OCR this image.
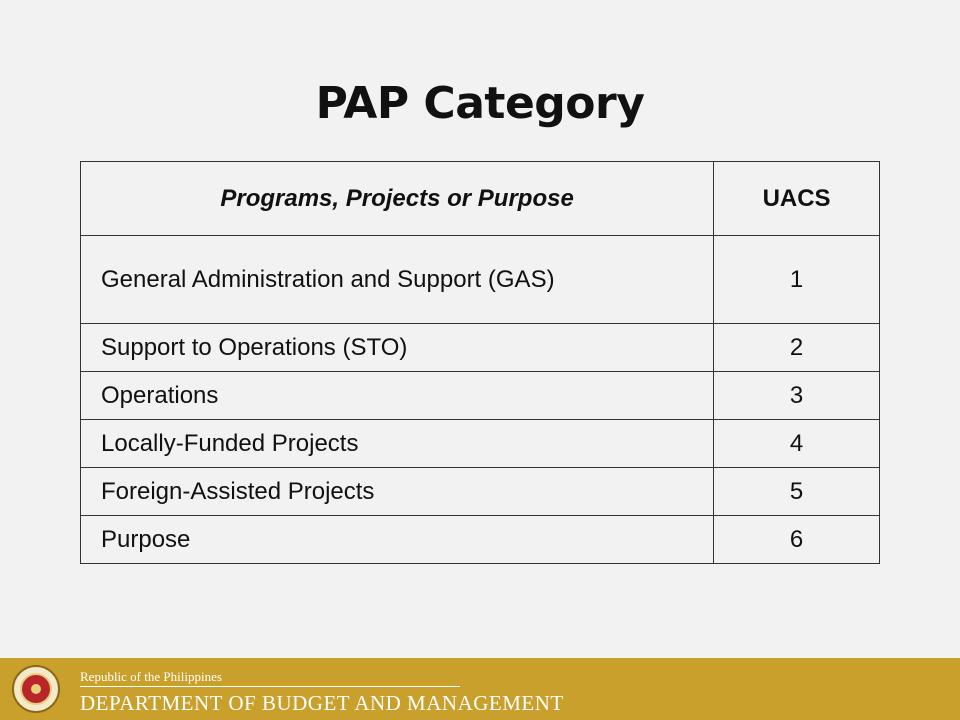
PAP Category
Programs, Projects or Purpose	UACS

General Administration and Support (GAS)	1

Support to Operations (STO)	2

Operations	3

Locally-Funded Projects	4

Foreign-Assisted Projects	5

Purpose	6
Republic of the Philippines
DEPARTMENT OF BUDGET AND MANAGEMENT
